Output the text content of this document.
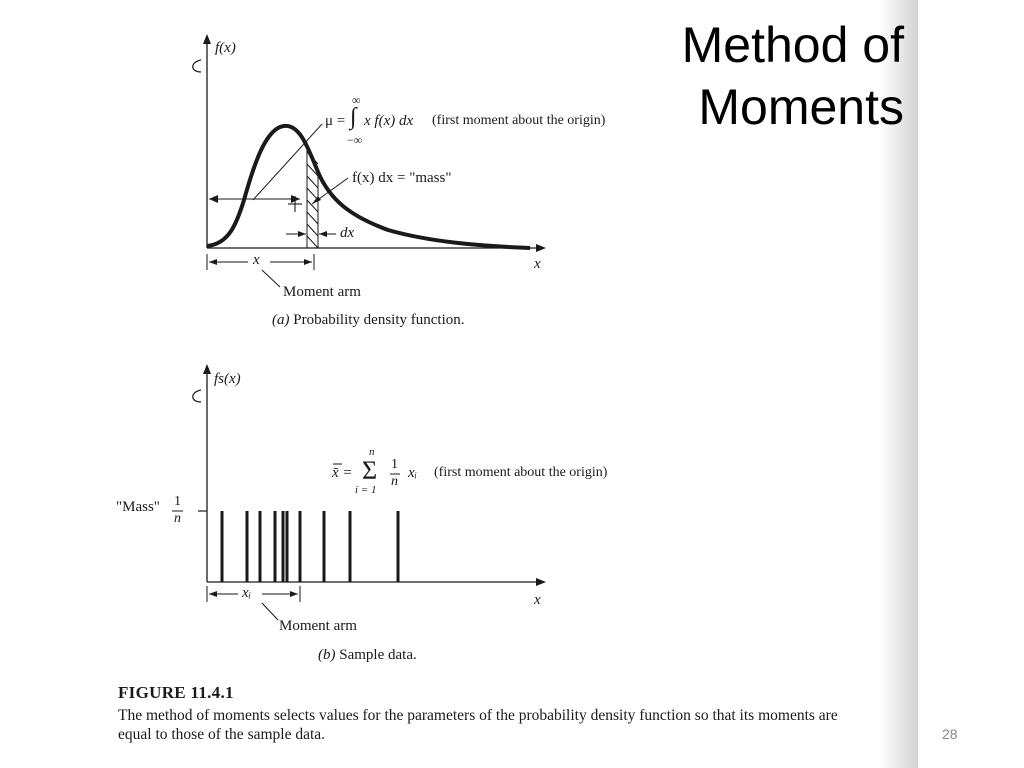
f(x)
μ =
∞
∫
−∞
x f(x) dx (first moment about the origin)
f(x) dx = "mass"
dx
x
x
Moment arm
(a) Probability density function.
fs(x)
"Mass" 1
n
x̄ =
n
Σ
i = 1
1
n
xᵢ (first moment about the origin)
x
xᵢ
Moment arm
(b) Sample data.
FIGURE 11.4.1
The method of moments selects values for the parameters of the probability density function so that its moments are equal to those of the sample data.
Method of
Moments
28
